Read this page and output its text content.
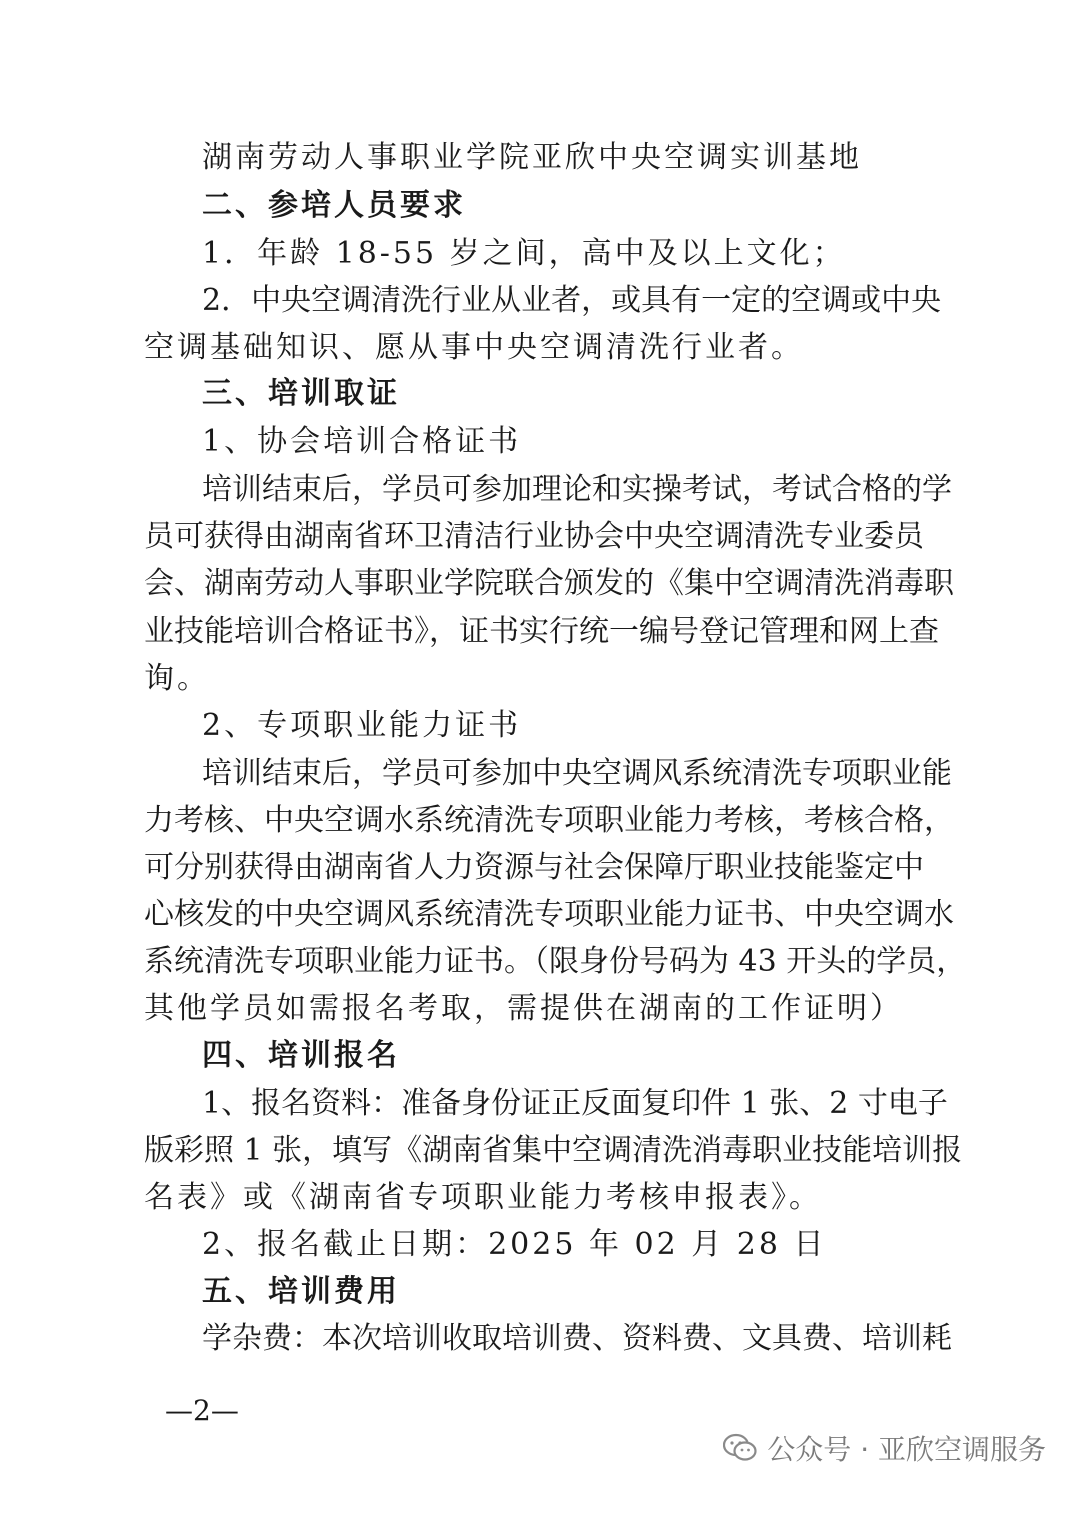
湖南劳动人事职业学院亚欣中央空调实训基地
二、参培人员要求
1．年龄 18-55 岁之间，高中及以上文化；
2．中央空调清洗行业从业者，或具有一定的空调或中央
空调基础知识、愿从事中央空调清洗行业者。
三、培训取证
1、协会培训合格证书
培训结束后，学员可参加理论和实操考试，考试合格的学
员可获得由湖南省环卫清洁行业协会中央空调清洗专业委员
会、湖南劳动人事职业学院联合颁发的《集中空调清洗消毒职
业技能培训合格证书》，证书实行统一编号登记管理和网上查
询。
2、专项职业能力证书
培训结束后，学员可参加中央空调风系统清洗专项职业能
力考核、中央空调水系统清洗专项职业能力考核，考核合格，
可分别获得由湖南省人力资源与社会保障厅职业技能鉴定中
心核发的中央空调风系统清洗专项职业能力证书、中央空调水
系统清洗专项职业能力证书。（限身份号码为 43 开头的学员，
其他学员如需报名考取，需提供在湖南的工作证明）
四、培训报名
1、报名资料：准备身份证正反面复印件 1 张、2 寸电子
版彩照 1 张，填写《湖南省集中空调清洗消毒职业技能培训报
名表》或《湖南省专项职业能力考核申报表》。
2、报名截止日期：2025 年 02 月 28 日
五、培训费用
学杂费：本次培训收取培训费、资料费、文具费、培训耗
—2—
公众号 · 亚欣空调服务
